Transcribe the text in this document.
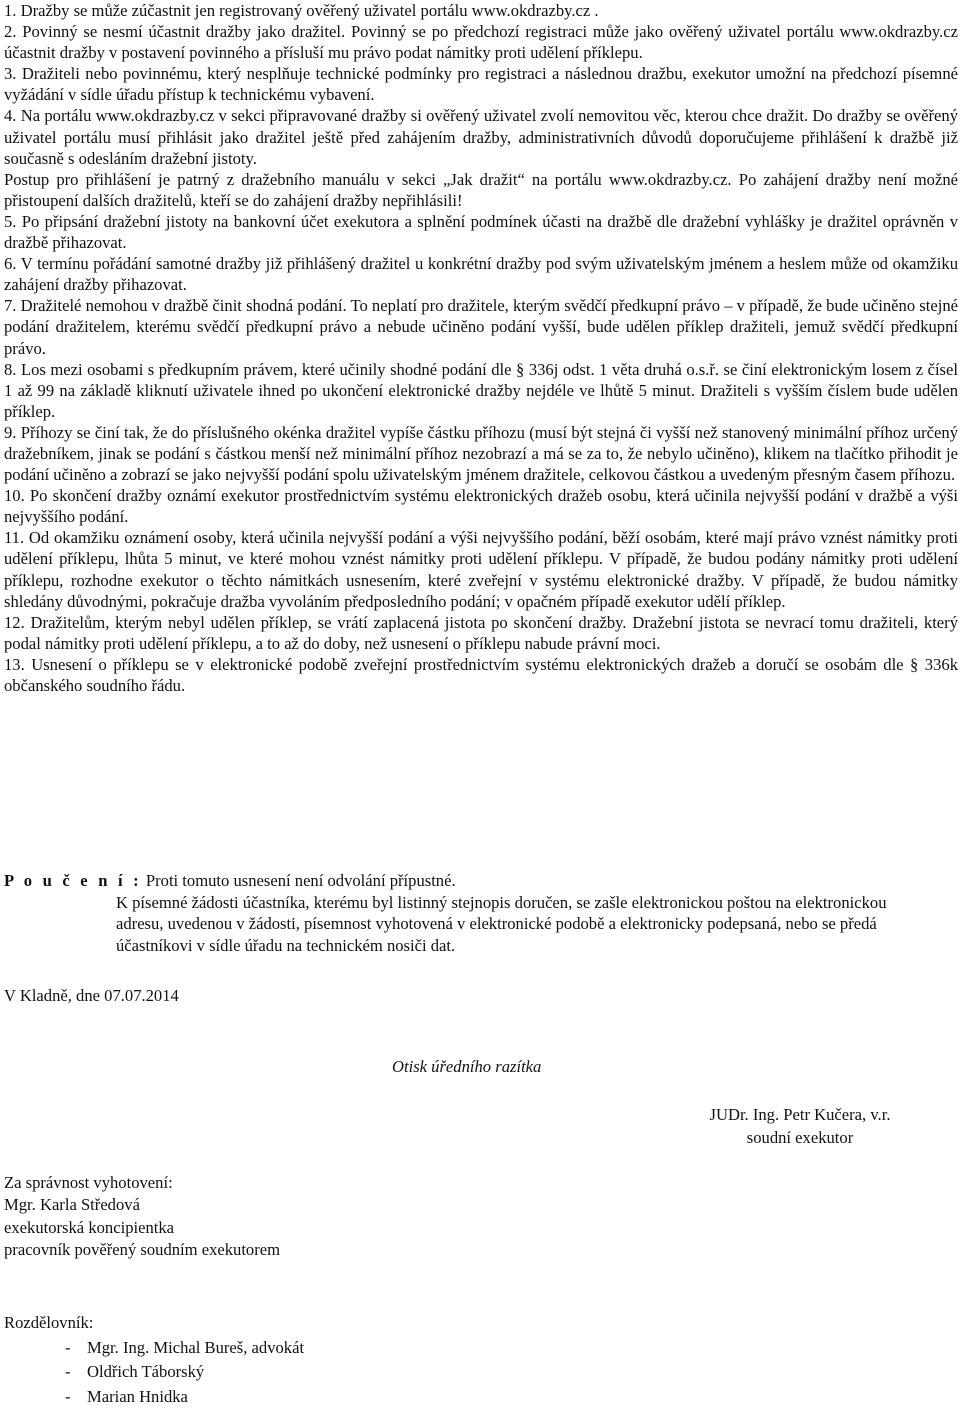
1. Dražby se může zúčastnit jen registrovaný ověřený uživatel portálu www.okdrazby.cz .

2. Povinný se nesmí účastnit dražby jako dražitel. Povinný se po předchozí registraci může jako ověřený uživatel portálu www.okdrazby.cz účastnit dražby v postavení povinného a přísluší mu právo podat námitky proti udělení příklepu.

3. Dražiteli nebo povinnému, který nesplňuje technické podmínky pro registraci a následnou dražbu, exekutor umožní na předchozí písemné vyžádání v sídle úřadu přístup k technickému vybavení.

4. Na portálu www.okdrazby.cz v sekci připravované dražby si ověřený uživatel zvolí nemovitou věc, kterou chce dražit. Do dražby se ověřený uživatel portálu musí přihlásit jako dražitel ještě před zahájením dražby, administrativních důvodů doporučujeme přihlášení k dražbě již současně s odesláním dražební jistoty.

Postup pro přihlášení je patrný z dražebního manuálu v sekci „Jak dražit“ na portálu www.okdrazby.cz. Po zahájení dražby není možné přistoupení dalších dražitelů, kteří se do zahájení dražby nepřihlásili!

5. Po připsání dražební jistoty na bankovní účet exekutora a splnění podmínek účasti na dražbě dle dražební vyhlášky je dražitel oprávněn v dražbě přihazovat.

6. V termínu pořádání samotné dražby již přihlášený dražitel u konkrétní dražby pod svým uživatelským jménem a heslem může od okamžiku zahájení dražby přihazovat.

7. Dražitelé nemohou v dražbě činit shodná podání. To neplatí pro dražitele, kterým svědčí předkupní právo – v případě, že bude učiněno stejné podání dražitelem, kterému svědčí předkupní právo a nebude učiněno podání vyšší, bude udělen příklep dražiteli, jemuž svědčí předkupní právo.

8. Los mezi osobami s předkupním právem, které učinily shodné podání dle § 336j odst. 1 věta druhá o.s.ř. se činí elektronickým losem z čísel 1 až 99 na základě kliknutí uživatele ihned po ukončení elektronické dražby nejdéle ve lhůtě 5 minut. Dražiteli s vyšším číslem bude udělen příklep.

9. Příhozy se činí tak, že do příslušného okénka dražitel vypíše částku příhozu (musí být stejná či vyšší než stanovený minimální příhoz určený dražebníkem, jinak se podání s částkou menší než minimální příhoz nezobrazí a má se za to, že nebylo učiněno), klikem na tlačítko přihodit je podání učiněno a zobrazí se jako nejvyšší podání spolu uživatelským jménem dražitele, celkovou částkou a uvedeným přesným časem příhozu.

10. Po skončení dražby oznámí exekutor prostřednictvím systému elektronických dražeb osobu, která učinila nejvyšší podání v dražbě a výši nejvyššího podání.

11. Od okamžiku oznámení osoby, která učinila nejvyšší podání a výši nejvyššího podání, běží osobám, které mají právo vznést námitky proti udělení příklepu, lhůta 5 minut, ve které mohou vznést námitky proti udělení příklepu. V případě, že budou podány námitky proti udělení příklepu, rozhodne exekutor o těchto námitkách usnesením, které zveřejní v systému elektronické dražby. V případě, že budou námitky shledány důvodnými, pokračuje dražba vyvoláním předposledního podání; v opačném případě exekutor udělí příklep.

12. Dražitelům, kterým nebyl udělen příklep, se vrátí zaplacená jistota po skončení dražby. Dražební jistota se nevrací tomu dražiteli, který podal námitky proti udělení příklepu, a to až do doby, než usnesení o příklepu nabude právní moci.

13. Usnesení o příklepu se v elektronické podobě zveřejní prostřednictvím systému elektronických dražeb a doručí se osobám dle § 336k občanského soudního řádu.

P o u č e n í : Proti tomuto usnesení není odvolání přípustné.
K písemné žádosti účastníka, kterému byl listinný stejnopis doručen, se zašle elektronickou poštou na elektronickou adresu, uvedenou v žádosti, písemnost vyhotovená v elektronické podobě a elektronicky podepsaná, nebo se předá účastníkovi v sídle úřadu na technickém nosiči dat.
V Kladně, dne 07.07.2014
Otisk úředního razítka
JUDr. Ing. Petr Kučera, v.r.
soudní exekutor
Za správnost vyhotovení:
Mgr. Karla Středová
exekutorská koncipientka
pracovník pověřený soudním exekutorem
Rozdělovník:
- Mgr. Ing. Michal Bureš, advokát
- Oldřich Táborský
- Marian Hnidka
